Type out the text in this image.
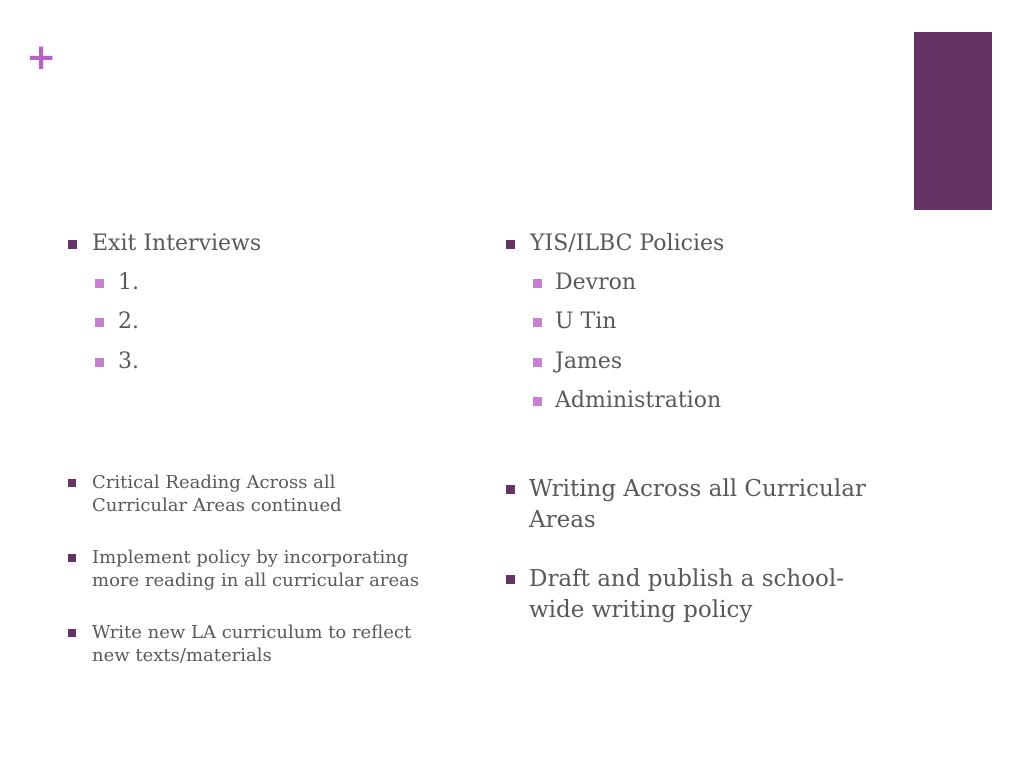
+
Exit Interviews
1.
2.
3.
YIS/ILBC Policies
Devron
U Tin
James
Administration
Critical Reading Across all
Curricular Areas continued
Implement policy by incorporating
more reading in all curricular areas
Write new LA curriculum to reflect
new texts/materials
Writing Across all Curricular
Areas
Draft and publish a school-
wide writing policy
